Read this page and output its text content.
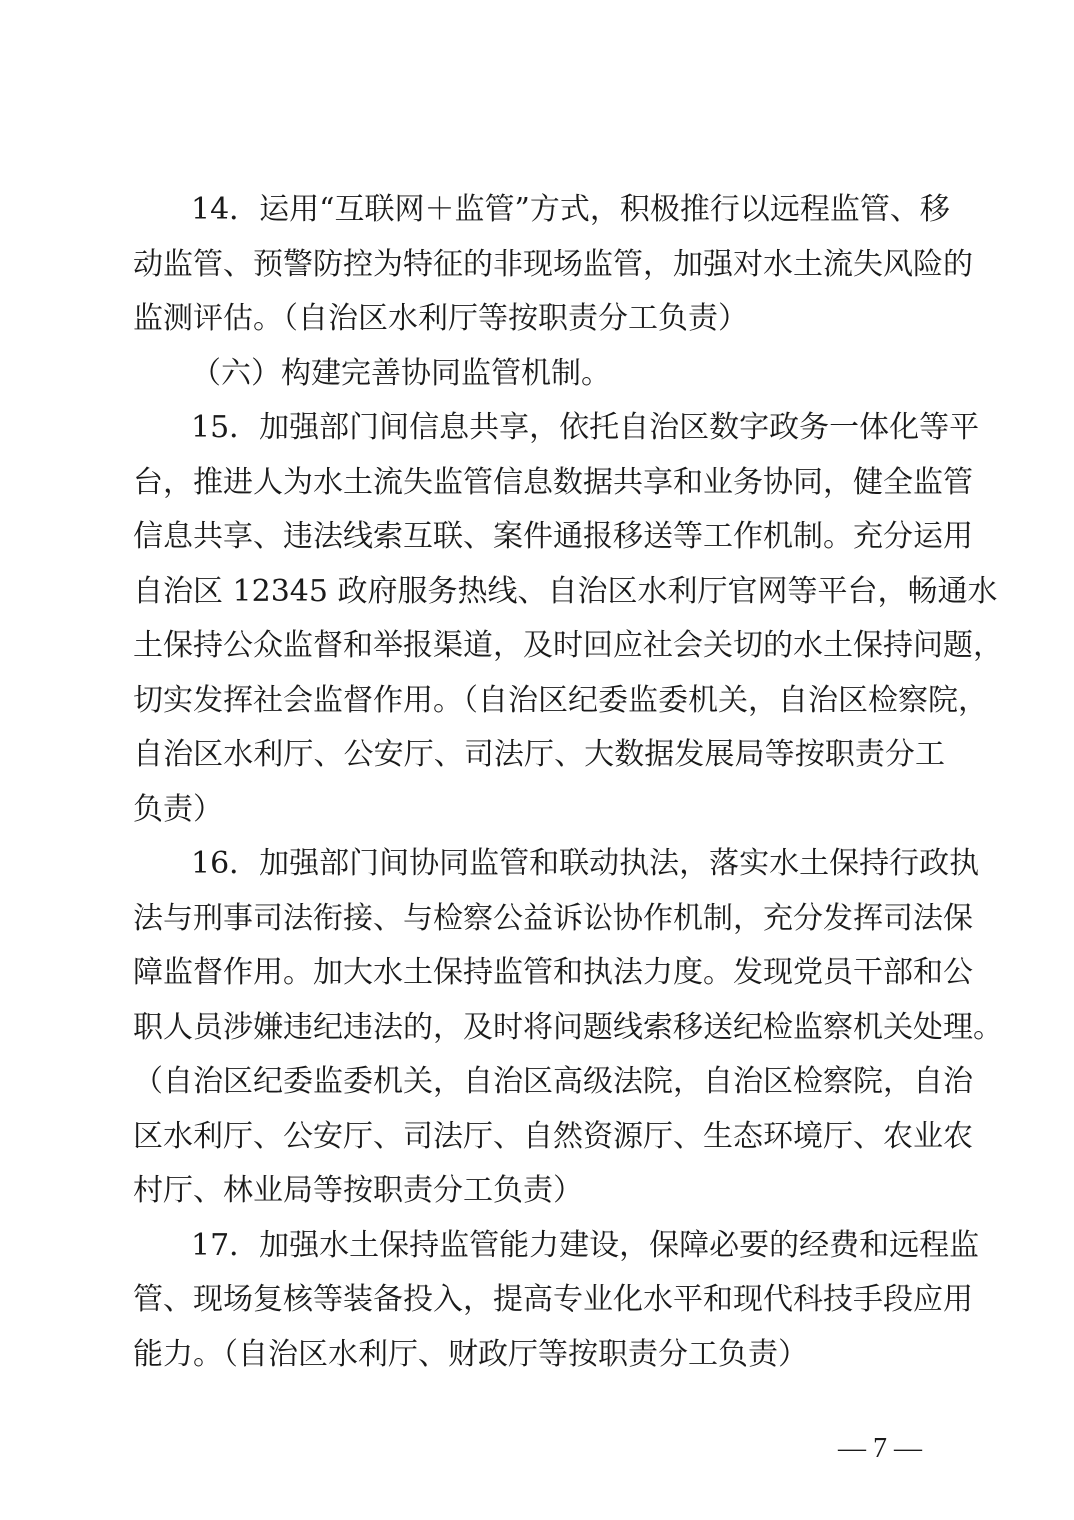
14．运用“互联网＋监管”方式，积极推行以远程监管、移
动监管、预警防控为特征的非现场监管，加强对水土流失风险的
监测评估。（自治区水利厅等按职责分工负责）
（六）构建完善协同监管机制。
15．加强部门间信息共享，依托自治区数字政务一体化等平
台，推进人为水土流失监管信息数据共享和业务协同，健全监管
信息共享、违法线索互联、案件通报移送等工作机制。充分运用
自治区 12345 政府服务热线、自治区水利厅官网等平台，畅通水
土保持公众监督和举报渠道，及时回应社会关切的水土保持问题，
切实发挥社会监督作用。（自治区纪委监委机关，自治区检察院，
自治区水利厅、公安厅、司法厅、大数据发展局等按职责分工
负责）
16．加强部门间协同监管和联动执法，落实水土保持行政执
法与刑事司法衔接、与检察公益诉讼协作机制，充分发挥司法保
障监督作用。加大水土保持监管和执法力度。发现党员干部和公
职人员涉嫌违纪违法的，及时将问题线索移送纪检监察机关处理。
（自治区纪委监委机关，自治区高级法院，自治区检察院，自治
区水利厅、公安厅、司法厅、自然资源厅、生态环境厅、农业农
村厅、林业局等按职责分工负责）
17．加强水土保持监管能力建设，保障必要的经费和远程监
管、现场复核等装备投入，提高专业化水平和现代科技手段应用
能力。（自治区水利厅、财政厅等按职责分工负责）
— 7 —
